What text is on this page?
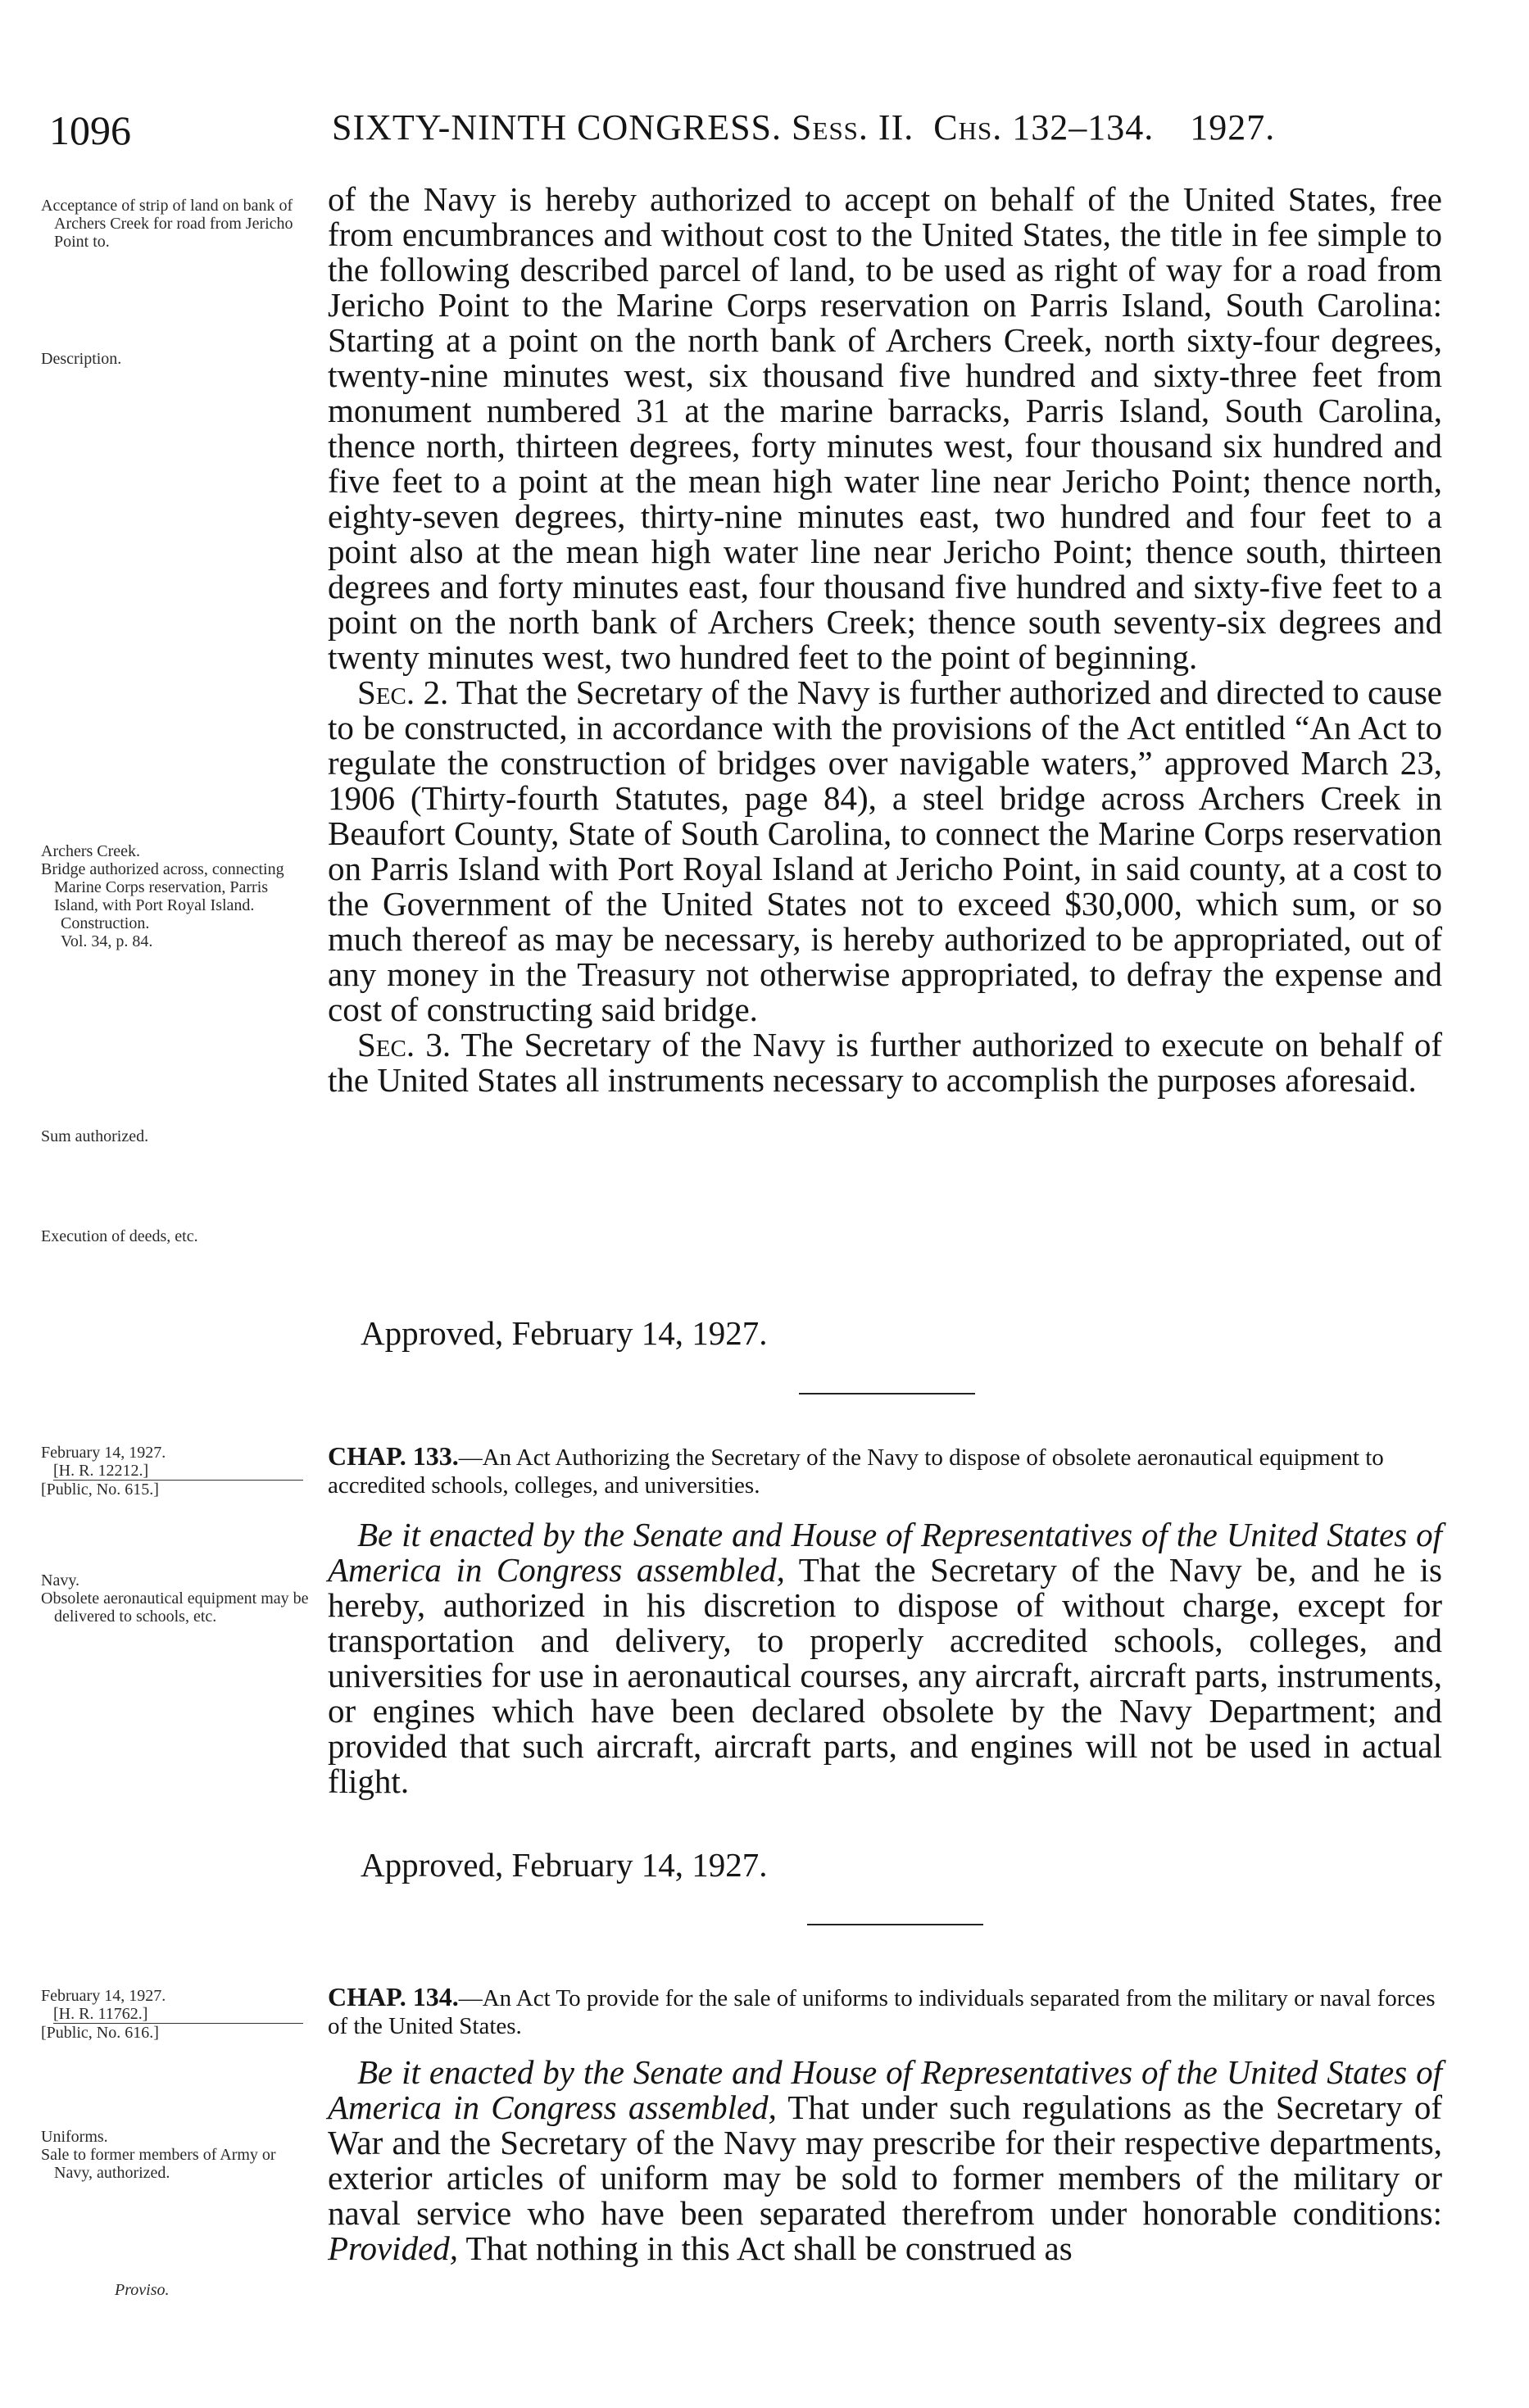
1096	SIXTY-NINTH CONGRESS. Sess. II. Chs. 132–134. 1927.
Acceptance of strip of land on bank of Archers Creek for road from Jericho Point to.
Description.
Archers Creek.
Bridge authorized across, connecting Marine Corps reservation, Parris Island, with Port Royal Island.
Construction.
Vol. 34, p. 84.
Sum authorized.
Execution of deeds, etc.
February 14, 1927.
[H. R. 12212.]
[Public, No. 615.]
Navy.
Obsolete aeronautical equipment may be delivered to schools, etc.
February 14, 1927.
[H. R. 11762.]
[Public, No. 616.]
Uniforms.
Sale to former members of Army or Navy, authorized.
Proviso.

of the Navy is hereby authorized to accept on behalf of the United States, free from encumbrances and without cost to the United States, the title in fee simple to the following described parcel of land, to be used as right of way for a road from Jericho Point to the Marine Corps reservation on Parris Island, South Carolina: Starting at a point on the north bank of Archers Creek, north sixty-four degrees, twenty-nine minutes west, six thousand five hundred and sixty-three feet from monument numbered 31 at the marine barracks, Parris Island, South Carolina, thence north, thirteen degrees, forty minutes west, four thousand six hundred and five feet to a point at the mean high water line near Jericho Point; thence north, eighty-seven degrees, thirty-nine minutes east, two hundred and four feet to a point also at the mean high water line near Jericho Point; thence south, thirteen degrees and forty minutes east, four thousand five hundred and sixty-five feet to a point on the north bank of Archers Creek; thence south seventy-six degrees and twenty minutes west, two hundred feet to the point of beginning.

Sec. 2. That the Secretary of the Navy is further authorized and directed to cause to be constructed, in accordance with the provisions of the Act entitled “An Act to regulate the construction of bridges over navigable waters,” approved March 23, 1906 (Thirty-fourth Statutes, page 84), a steel bridge across Archers Creek in Beaufort County, State of South Carolina, to connect the Marine Corps reservation on Parris Island with Port Royal Island at Jericho Point, in said county, at a cost to the Government of the United States not to exceed $30,000, which sum, or so much thereof as may be necessary, is hereby authorized to be appropriated, out of any money in the Treasury not otherwise appropriated, to defray the expense and cost of constructing said bridge.

Sec. 3. The Secretary of the Navy is further authorized to execute on behalf of the United States all instruments necessary to accomplish the purposes aforesaid.

Approved, February 14, 1927.
CHAP. 133.—An Act Authorizing the Secretary of the Navy to dispose of obsolete aeronautical equipment to accredited schools, colleges, and universities.

Be it enacted by the Senate and House of Representatives of the United States of America in Congress assembled, That the Secretary of the Navy be, and he is hereby, authorized in his discretion to dispose of without charge, except for transportation and delivery, to properly accredited schools, colleges, and universities for use in aeronautical courses, any aircraft, aircraft parts, instruments, or engines which have been declared obsolete by the Navy Department; and provided that such aircraft, aircraft parts, and engines will not be used in actual flight.

Approved, February 14, 1927.
CHAP. 134.—An Act To provide for the sale of uniforms to individuals separated from the military or naval forces of the United States.

Be it enacted by the Senate and House of Representatives of the United States of America in Congress assembled, That under such regulations as the Secretary of War and the Secretary of the Navy may prescribe for their respective departments, exterior articles of uniform may be sold to former members of the military or naval service who have been separated therefrom under honorable conditions: Provided, That nothing in this Act shall be construed as
